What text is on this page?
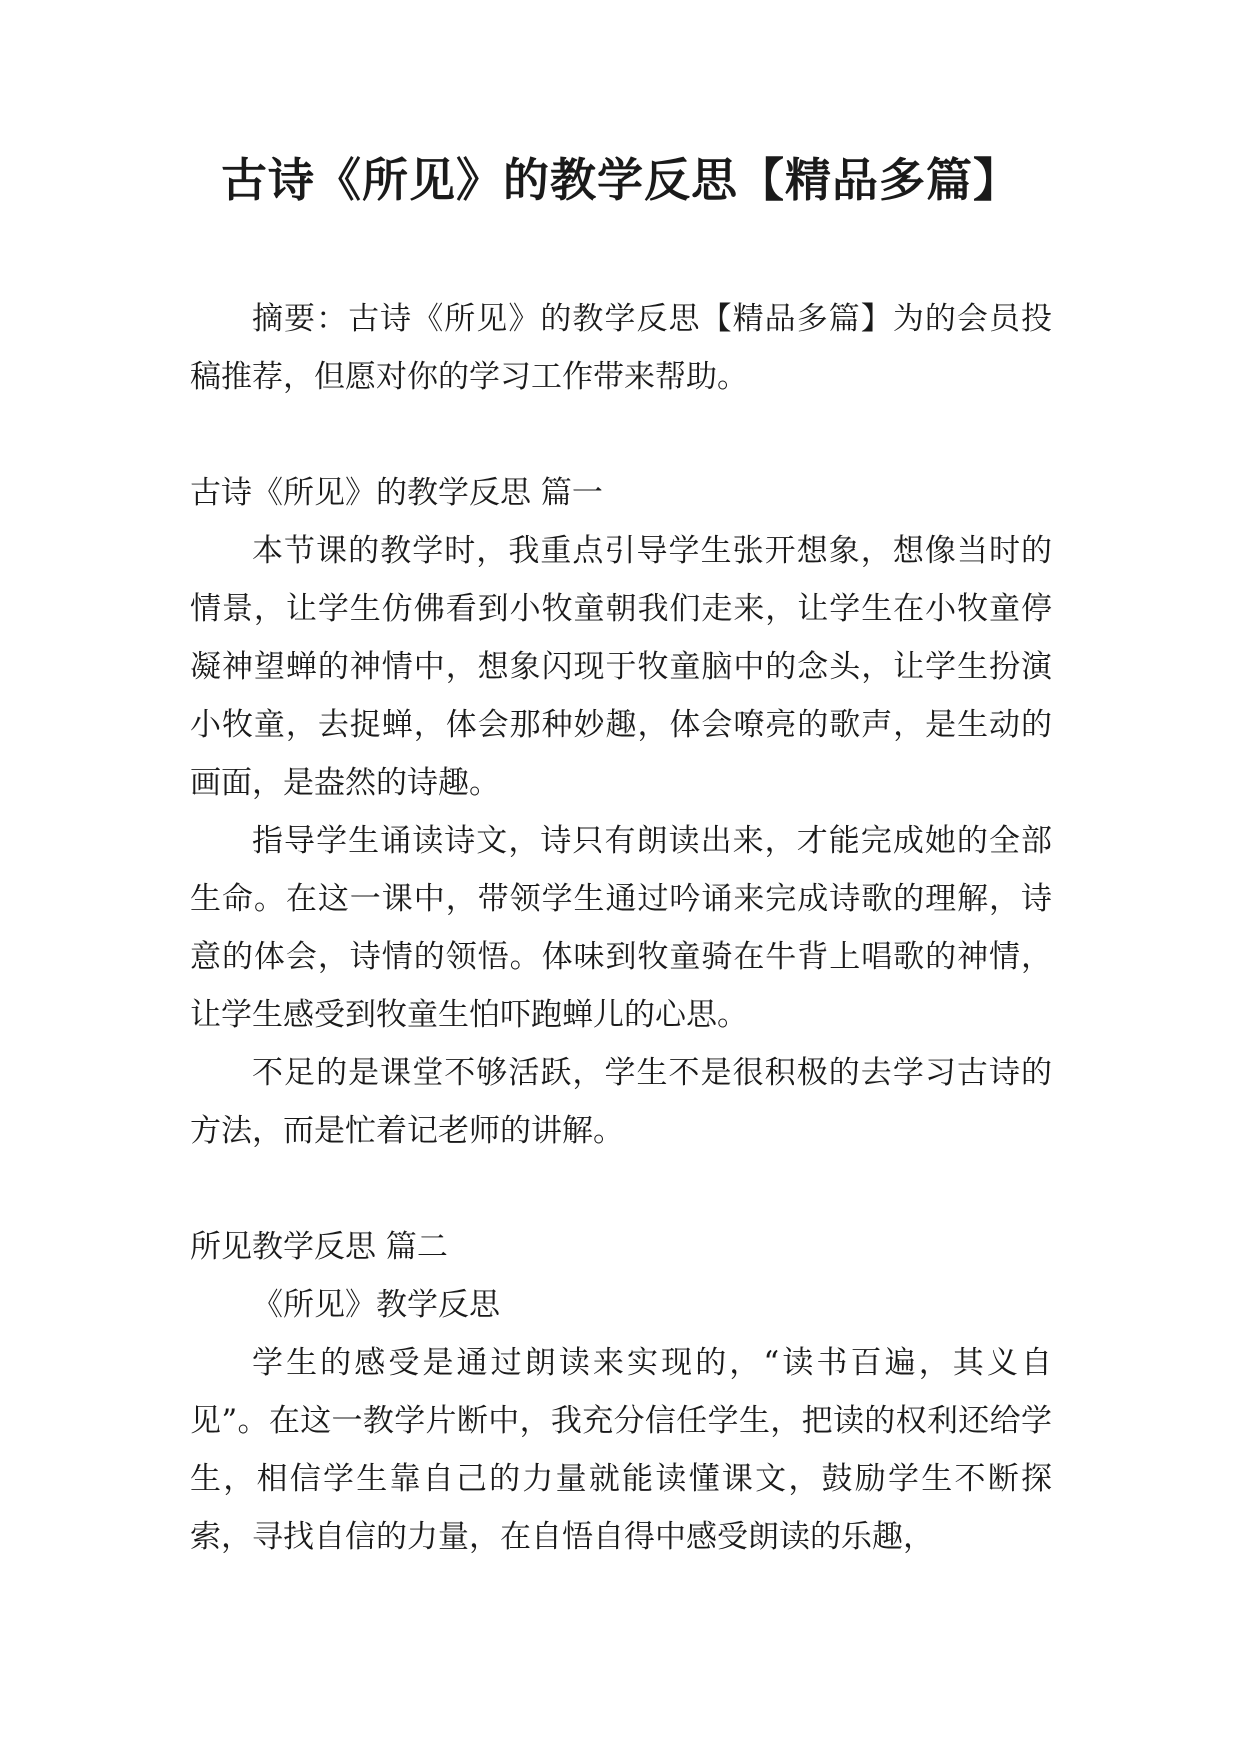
古诗《所见》的教学反思【精品多篇】

摘要：古诗《所见》的教学反思【精品多篇】为的会员投稿推荐，但愿对你的学习工作带来帮助。

古诗《所见》的教学反思 篇一

本节课的教学时，我重点引导学生张开想象，想像当时的情景，让学生仿佛看到小牧童朝我们走来，让学生在小牧童停凝神望蝉的神情中，想象闪现于牧童脑中的念头，让学生扮演小牧童，去捉蝉，体会那种妙趣，体会嘹亮的歌声，是生动的画面，是盎然的诗趣。

指导学生诵读诗文，诗只有朗读出来，才能完成她的全部生命。在这一课中，带领学生通过吟诵来完成诗歌的理解，诗意的体会，诗情的领悟。体味到牧童骑在牛背上唱歌的神情，让学生感受到牧童生怕吓跑蝉儿的心思。

不足的是课堂不够活跃，学生不是很积极的去学习古诗的方法，而是忙着记老师的讲解。

所见教学反思 篇二

《所见》教学反思

学生的感受是通过朗读来实现的，“读书百遍，其义自见”。在这一教学片断中，我充分信任学生，把读的权利还给学生，相信学生靠自己的力量就能读懂课文，鼓励学生不断探索，寻找自信的力量，在自悟自得中感受朗读的乐趣，
